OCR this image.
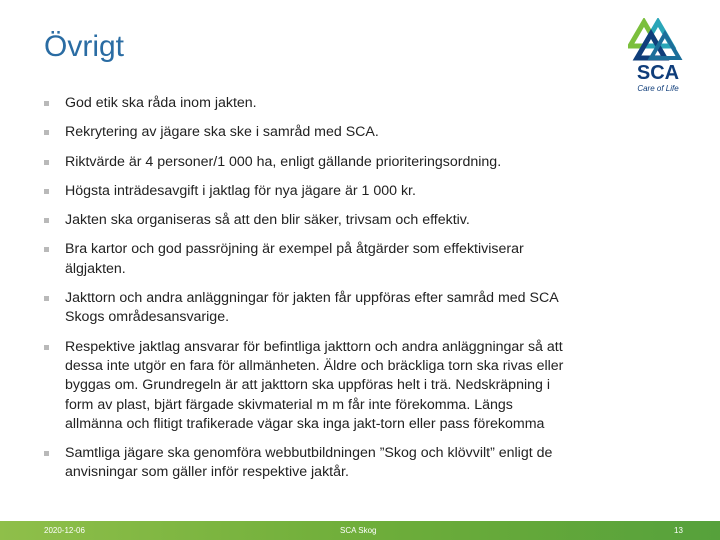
Övrigt
SCA
Care of Life
God etik ska råda inom jakten.
Rekrytering av jägare ska ske i samråd med SCA.
Riktvärde är 4 personer/1 000 ha, enligt gällande prioriteringsordning.
Högsta inträdesavgift i jaktlag för nya jägare är 1 000 kr.
Jakten ska organiseras så att den blir säker, trivsam och effektiv.
Bra kartor och god passröjning är exempel på åtgärder som effektiviserar älgjakten.
Jakttorn och andra anläggningar för jakten får uppföras efter samråd med SCA Skogs områdesansvarige.
Respektive jaktlag ansvarar för befintliga jakttorn och andra anläggningar så att dessa inte utgör en fara för allmänheten. Äldre och bräckliga torn ska rivas eller byggas om. Grundregeln är att jakttorn ska uppföras helt i trä. Nedskräpning i form av plast, bjärt färgade skivmaterial m m får inte förekomma. Längs allmänna och flitigt trafikerade vägar ska inga jakt-torn eller pass förekomma
Samtliga jägare ska genomföra webbutbildningen ”Skog och klövvilt” enligt de anvisningar som gäller inför respektive jaktår.
2020-12-06	SCA Skog	13
